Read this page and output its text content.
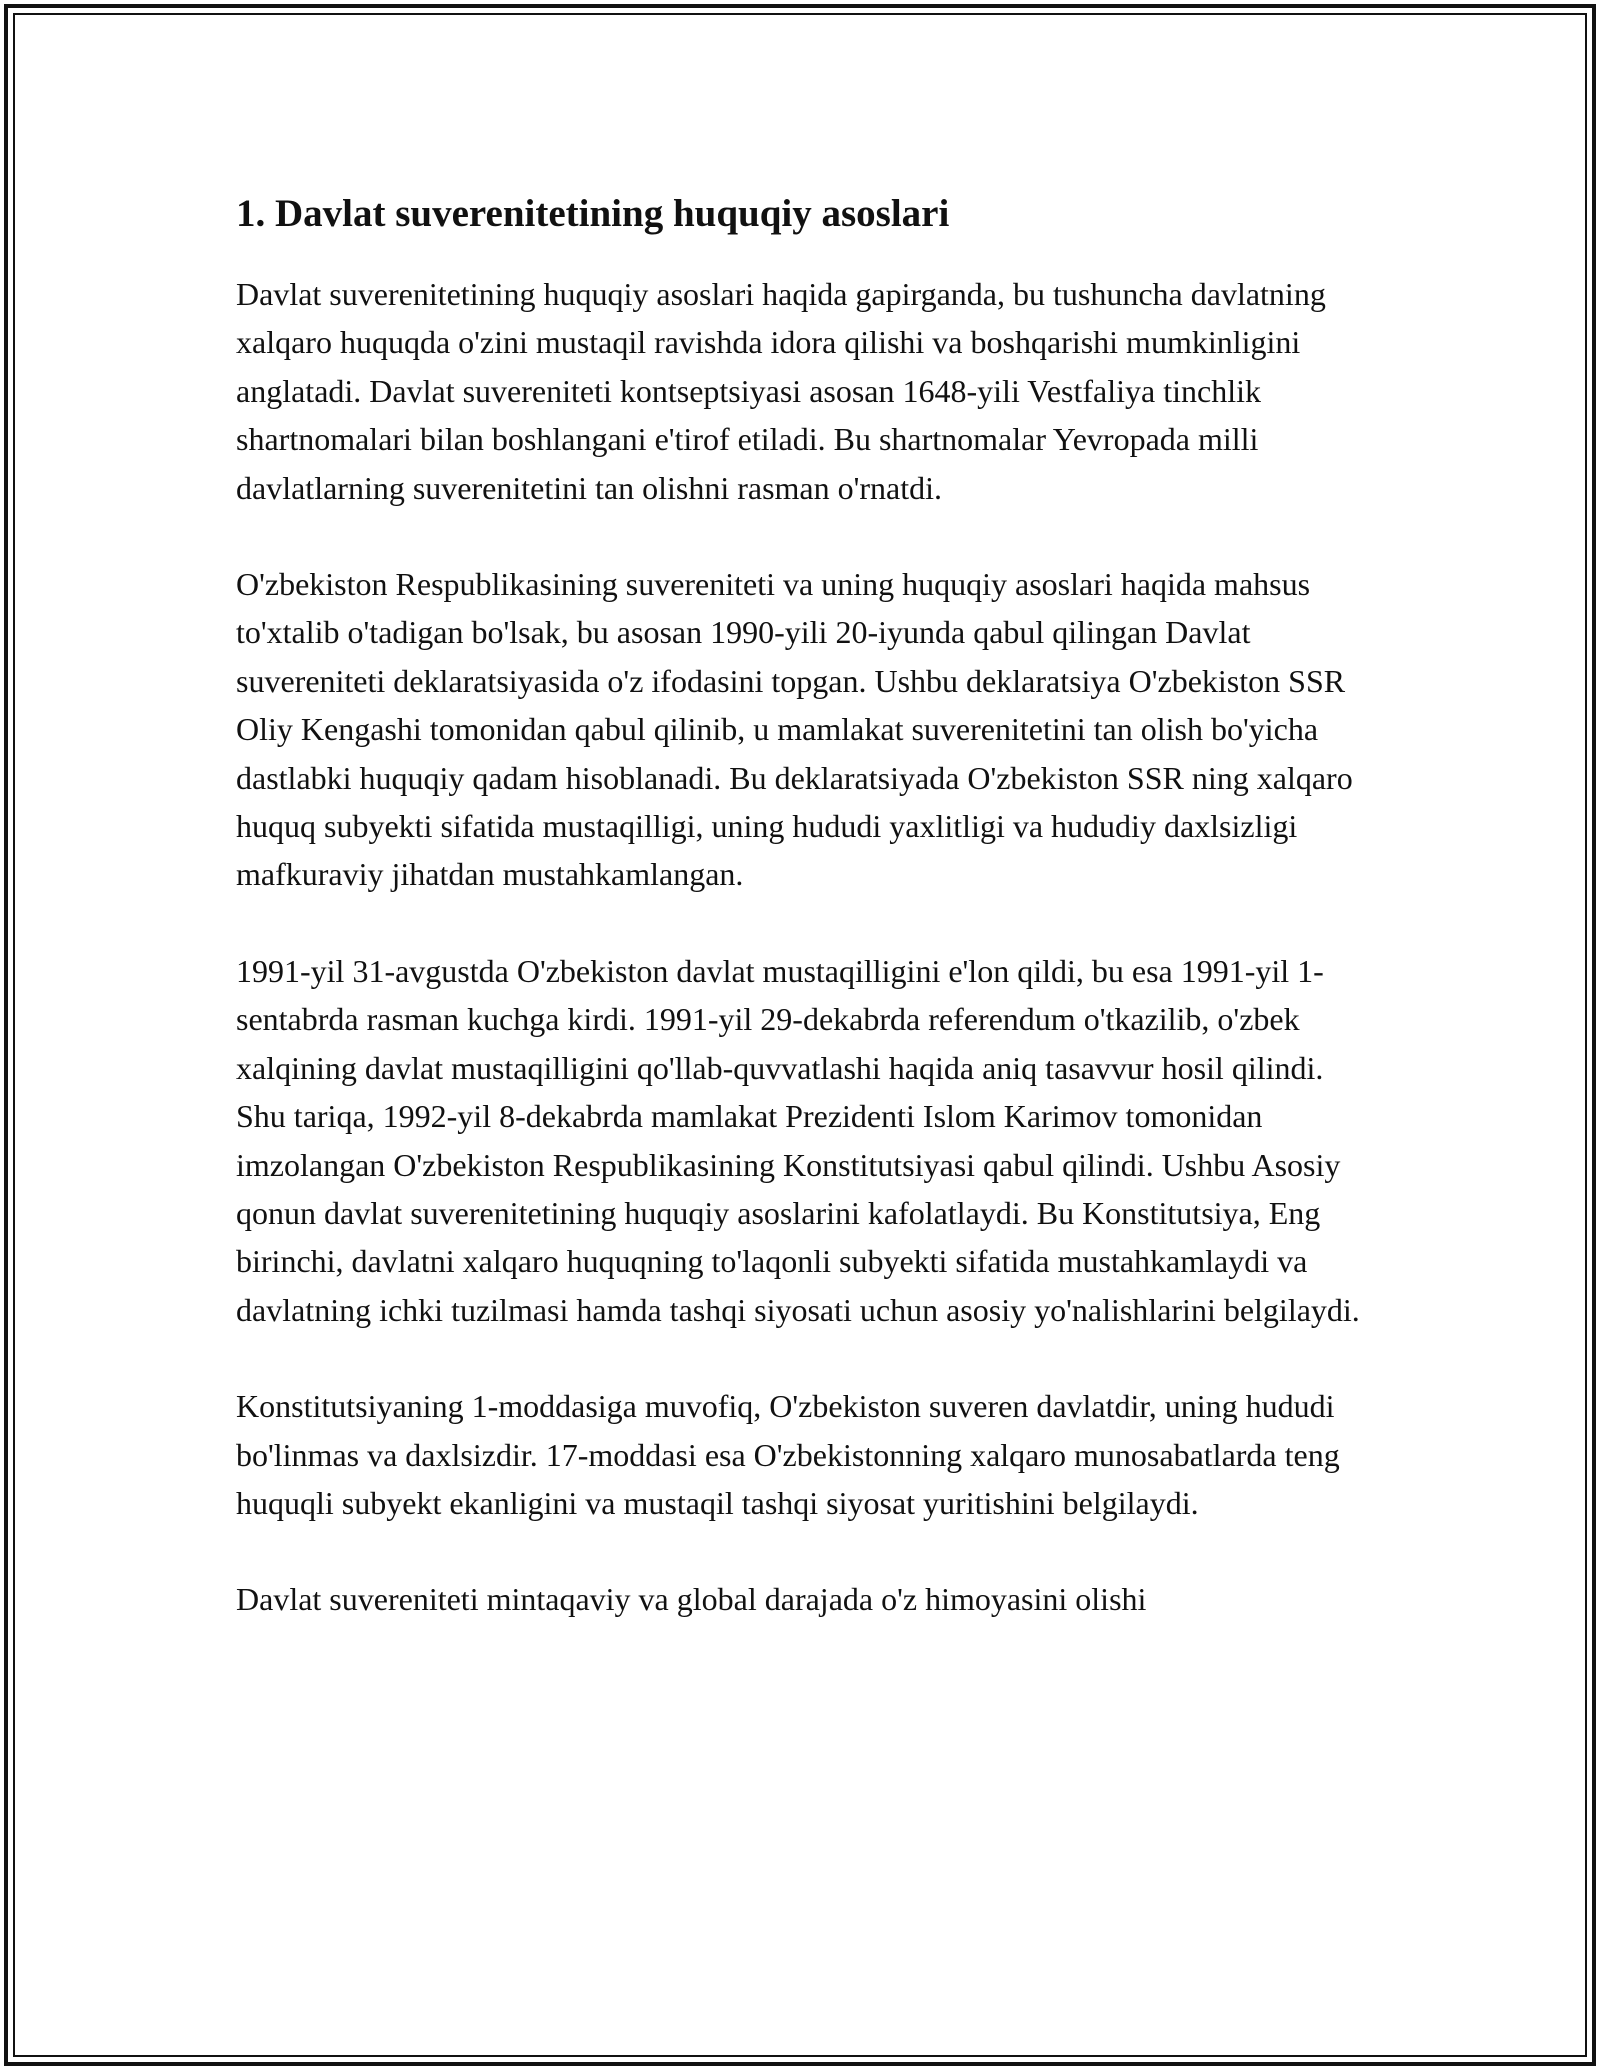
1. Davlat suverenitetining huquqiy asoslari

Davlat suverenitetining huquqiy asoslari haqida gapirganda, bu tushuncha davlatning xalqaro huquqda o'zini mustaqil ravishda idora qilishi va boshqarishi mumkinligini anglatadi. Davlat suvereniteti kontseptsiyasi asosan 1648-yili Vestfaliya tinchlik shartnomalari bilan boshlangani e'tirof etiladi. Bu shartnomalar Yevropada milli davlatlarning suverenitetini tan olishni rasman o'rnatdi.

O'zbekiston Respublikasining suvereniteti va uning huquqiy asoslari haqida mahsus to'xtalib o'tadigan bo'lsak, bu asosan 1990-yili 20-iyunda qabul qilingan Davlat suvereniteti deklaratsiyasida o'z ifodasini topgan. Ushbu deklaratsiya O'zbekiston SSR Oliy Kengashi tomonidan qabul qilinib, u mamlakat suverenitetini tan olish bo'yicha dastlabki huquqiy qadam hisoblanadi. Bu deklaratsiyada O'zbekiston SSR ning xalqaro huquq subyekti sifatida mustaqilligi, uning hududi yaxlitligi va hududiy daxlsizligi mafkuraviy jihatdan mustahkamlangan.

1991-yil 31-avgustda O'zbekiston davlat mustaqilligini e'lon qildi, bu esa 1991-yil 1-sentabrda rasman kuchga kirdi. 1991-yil 29-dekabrda referendum o'tkazilib, o'zbek xalqining davlat mustaqilligini qo'llab-quvvatlashi haqida aniq tasavvur hosil qilindi. Shu tariqa, 1992-yil 8-dekabrda mamlakat Prezidenti Islom Karimov tomonidan imzolangan O'zbekiston Respublikasining Konstitutsiyasi qabul qilindi. Ushbu Asosiy qonun davlat suverenitetining huquqiy asoslarini kafolatlaydi. Bu Konstitutsiya, Eng birinchi, davlatni xalqaro huquqning to'laqonli subyekti sifatida mustahkamlaydi va davlatning ichki tuzilmasi hamda tashqi siyosati uchun asosiy yo'nalishlarini belgilaydi.

Konstitutsiyaning 1-moddasiga muvofiq, O'zbekiston suveren davlatdir, uning hududi bo'linmas va daxlsizdir. 17-moddasi esa O'zbekistonning xalqaro munosabatlarda teng huquqli subyekt ekanligini va mustaqil tashqi siyosat yuritishini belgilaydi.

Davlat suvereniteti mintaqaviy va global darajada o'z himoyasini olishi
